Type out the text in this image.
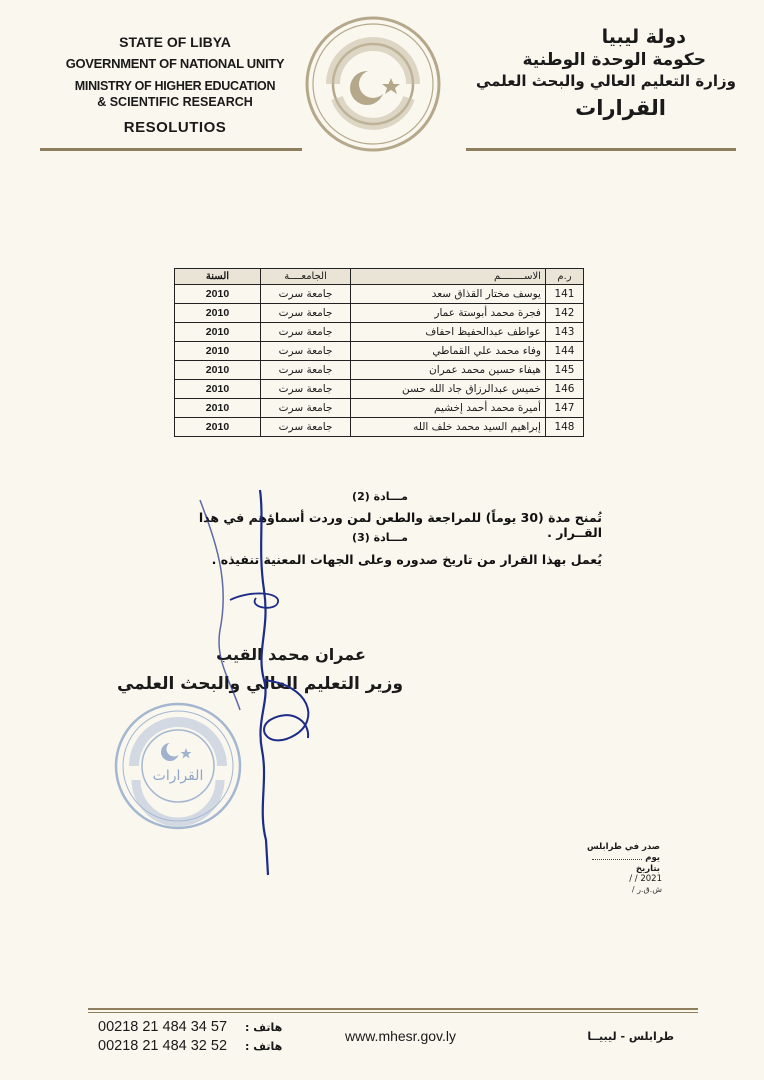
STATE OF LIBYA
GOVERNMENT OF NATIONAL UNITY
MINISTRY OF HIGHER EDUCATION
& SCIENTIFIC RESEARCH
RESOLUTIOS
دولة ليبيا
حكومة الوحدة الوطنية
وزارة التعليم العالي والبحث العلمي
القرارات
ر.م	الاســــــــم	الجامعــــة	السنة
141	يوسف مختار القذاق سعد	جامعة سرت	2010
142	فجرة محمد أبوستة عمار	جامعة سرت	2010
143	عواطف عبدالحفيظ احفاف	جامعة سرت	2010
144	وفاء محمد علي القماطي	جامعة سرت	2010
145	هيفاء حسين محمد عمران	جامعة سرت	2010
146	خميس عبدالرزاق جاد الله حسن	جامعة سرت	2010
147	أميرة محمد أحمد إخشيم	جامعة سرت	2010
148	إبراهيم السيد محمد خلف الله	جامعة سرت	2010
مـــادة (2)
تُمنح مدة (30 يوماً) للمراجعة والطعن لمن وردت أسماؤهم في هذا القــرار .
مـــادة (3)
يُعمل بهذا القرار من تاريخ صدوره وعلى الجهات المعنية تنفيذه .
القرارات
عمران محمد القيب
وزير التعليم العالي والبحث العلمي
صدر في طرابلس
يوم
بتاريخ
2021 / /
ش.ق.ر /
00218 21 484 34 57 هاتف :
00218 21 484 32 52 هاتف :
www.mhesr.gov.ly	طرابلس - ليبيــا
